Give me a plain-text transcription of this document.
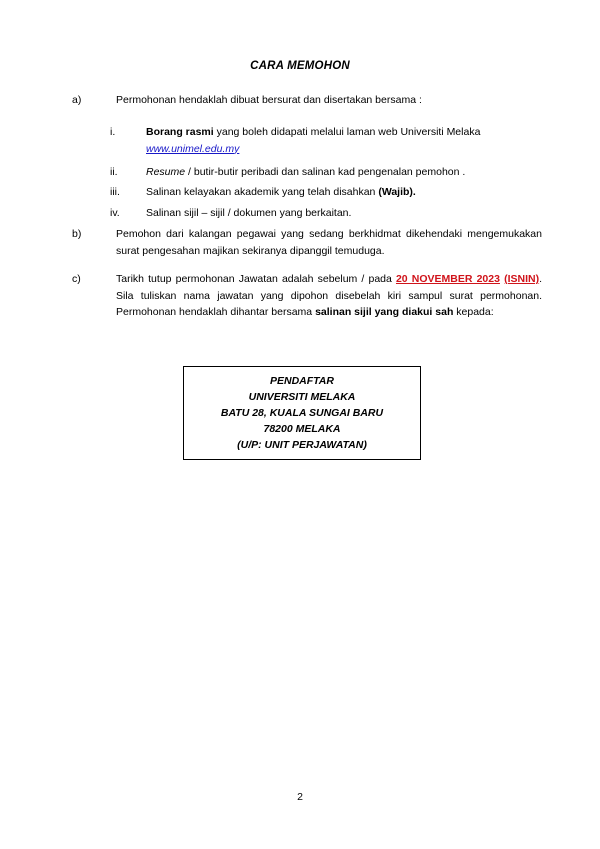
CARA MEMOHON
a)	Permohonan hendaklah dibuat bersurat dan disertakan bersama :
i.	Borang rasmi yang boleh didapati melalui laman web Universiti Melaka
www.unimel.edu.my
ii.	Resume / butir-butir peribadi dan salinan kad pengenalan pemohon .
iii.	Salinan kelayakan akademik yang telah disahkan (Wajib).
iv.	Salinan sijil – sijil / dokumen yang berkaitan.
b)	Pemohon dari kalangan pegawai yang sedang berkhidmat dikehendaki mengemukakan surat pengesahan majikan sekiranya dipanggil temuduga.
c)	Tarikh tutup permohonan Jawatan adalah sebelum / pada 20 NOVEMBER 2023 (ISNIN). Sila tuliskan nama jawatan yang dipohon disebelah kiri sampul surat permohonan. Permohonan hendaklah dihantar bersama salinan sijil yang diakui sah kepada:
PENDAFTAR
UNIVERSITI MELAKA
BATU 28, KUALA SUNGAI BARU
78200 MELAKA
(U/P: UNIT PERJAWATAN)
2
